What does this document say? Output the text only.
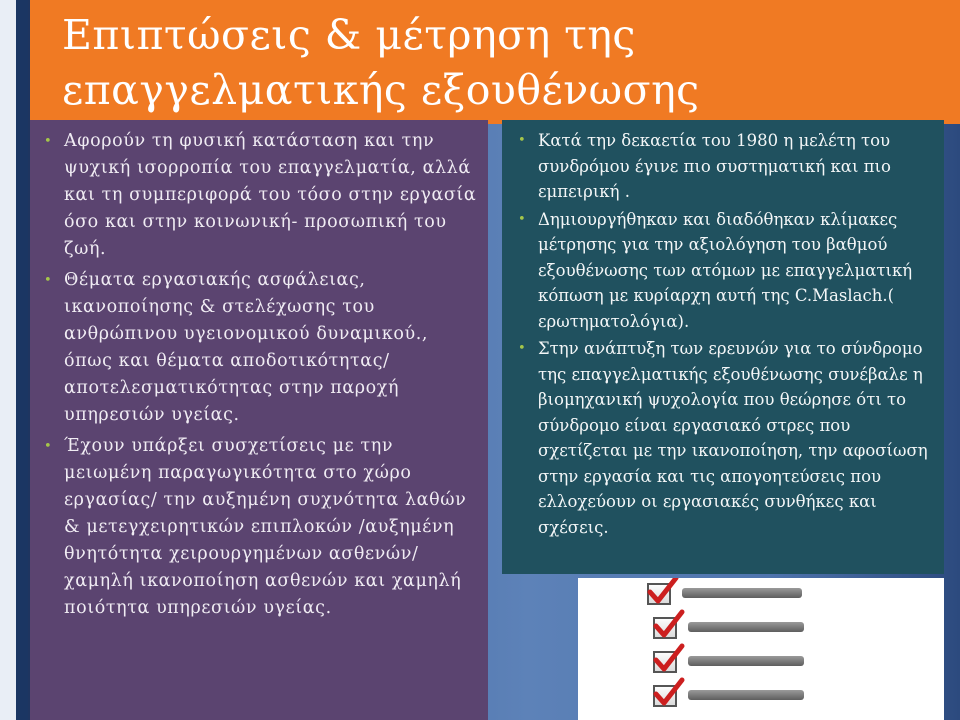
Επιπτώσεις & μέτρηση της
επαγγελματικής εξουθένωσης
• Αφορούν τη φυσική κατάσταση και την ψυχική ισορροπία του επαγγελματία, αλλά και τη συμπεριφορά του τόσο στην εργασία όσο και στην κοινωνική- προσωπική του ζωή.
• Θέματα εργασιακής ασφάλειας, ικανοποίησης & στελέχωσης του ανθρώπινου υγειονομικού δυναμικού., όπως και θέματα αποδοτικότητας/ αποτελεσματικότητας στην παροχή υπηρεσιών υγείας.
• Έχουν υπάρξει συσχετίσεις με την μειωμένη παραγωγικότητα στο χώρο εργασίας/ την αυξημένη συχνότητα λαθών & μετεγχειρητικών επιπλοκών /αυξημένη θνητότητα χειρουργημένων ασθενών/ χαμηλή ικανοποίηση ασθενών και χαμηλή ποιότητα υπηρεσιών υγείας.
• Κατά την δεκαετία του 1980 η μελέτη του συνδρόμου έγινε πιο συστηματική και πιο εμπειρική .
• Δημιουργήθηκαν και διαδόθηκαν κλίμακες μέτρησης για την αξιολόγηση του βαθμού εξουθένωσης των ατόμων με επαγγελματική κόπωση με κυρίαρχη αυτή της C.Maslach.( ερωτηματολόγια).
• Στην ανάπτυξη των ερευνών για το σύνδρομο της επαγγελματικής εξουθένωσης συνέβαλε η βιομηχανική ψυχολογία που θεώρησε ότι το σύνδρομο είναι εργασιακό στρες που σχετίζεται με την ικανοποίηση, την αφοσίωση στην εργασία και τις απογοητεύσεις που ελλοχεύουν οι εργασιακές συνθήκες και σχέσεις.
